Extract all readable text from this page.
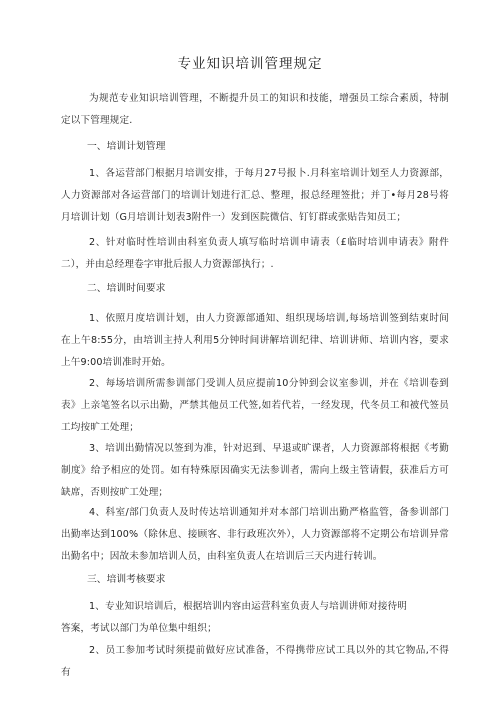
专业知识培训管理规定
为规范专业知识培训管理，不断提升员工的知识和技能，增强员工综合素质，特制定以下管理规定.
一、培训计划管理
1、各运营部门根据月培训安排，于每月27号报卜.月科室培训计划至人力资源部，人力资源部对各运营部门的培训计划进行汇总、整理，报总经理签批；并丁•每月28号将月培训计划（G月培训计划表3附件一）发到医院微信、钉钉群或张贴告知员工；
2、针对临时性培训由科室负责人填写临时培训申请表（£临时培训申请表》附件二），并由总经理卷字审批后报人力资源部执行；.
二、培训时间要求
1、依照月度培训计划，由人力资源部通知、组织现场培训,每场培训签到结束时间在上午8:55分，由培训主持人利用5分钟时间讲解培训纪律、培训讲师、培训内容，要求上午9:00培训准时开始。
2、每场培训所需参训部门受训人员应提前10分钟到会议室参训，并在《培训卷到表》上亲笔签名以示出勤，严禁其他员工代签,如若代若，一经发现，代冬员工和被代签员工均按旷工处理；
3、培训出勤情况以签到为准，针对迟到、早退或旷课者，人力资源部将根据《考勤制度》给予相应的处罚。如有特殊原因确实无法参训者，需向上级主管请假，获准后方可缺席，否则按旷工处理；
4、科室/部门负责人及时传达培训通知并对本部门培训出勤严格监管，备参训部门出勤率达到100%（除休息、接顾客、非行政班次外），人力资源部将不定期公布培训异常出勤名中；因故未参加培训人员，由科室负责人在培训后三天内进行转训。
三、培训考核要求
1、专业知识培训后，根据培训内容由运营科室负责人与培训讲师对接待明
答案，考试以部门为单位集中组织；
2、员工参加考试时须提前做好应试准备，不得携带应试工具以外的其它物品,不得有
